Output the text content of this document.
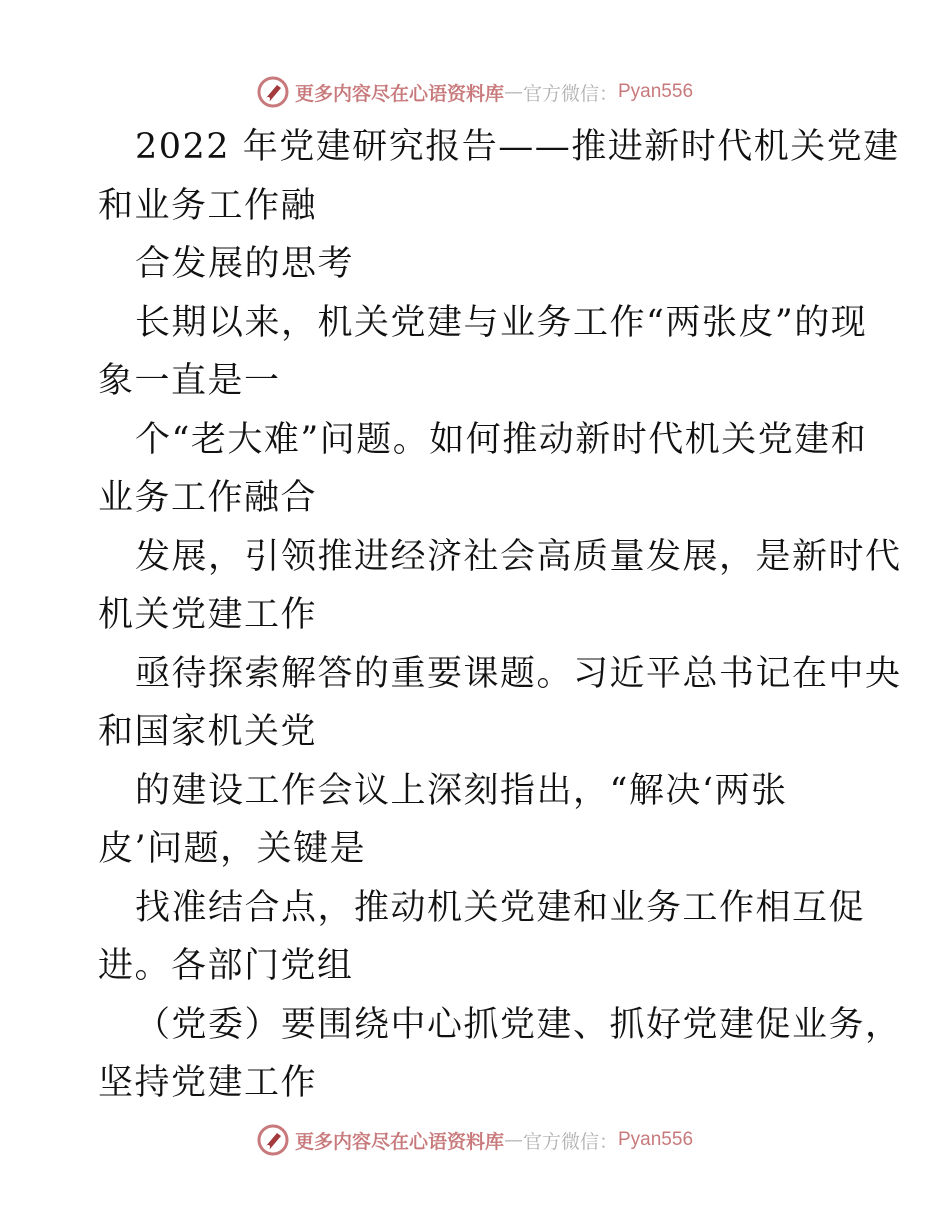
更多内容尽在心语资料库 — 官方微信： Pyan556
2022 年党建研究报告——推进新时代机关党建
和业务工作融
合发展的思考
长期以来，机关党建与业务工作“两张皮”的现
象一直是一
个“老大难”问题。如何推动新时代机关党建和
业务工作融合
发展，引领推进经济社会高质量发展，是新时代
机关党建工作
亟待探索解答的重要课题。习近平总书记在中央
和国家机关党
的建设工作会议上深刻指出，“解决‘两张
皮’问题，关键是
找准结合点，推动机关党建和业务工作相互促
进。各部门党组
（党委）要围绕中心抓党建、抓好党建促业务，
坚持党建工作
更多内容尽在心语资料库 — 官方微信： Pyan556
